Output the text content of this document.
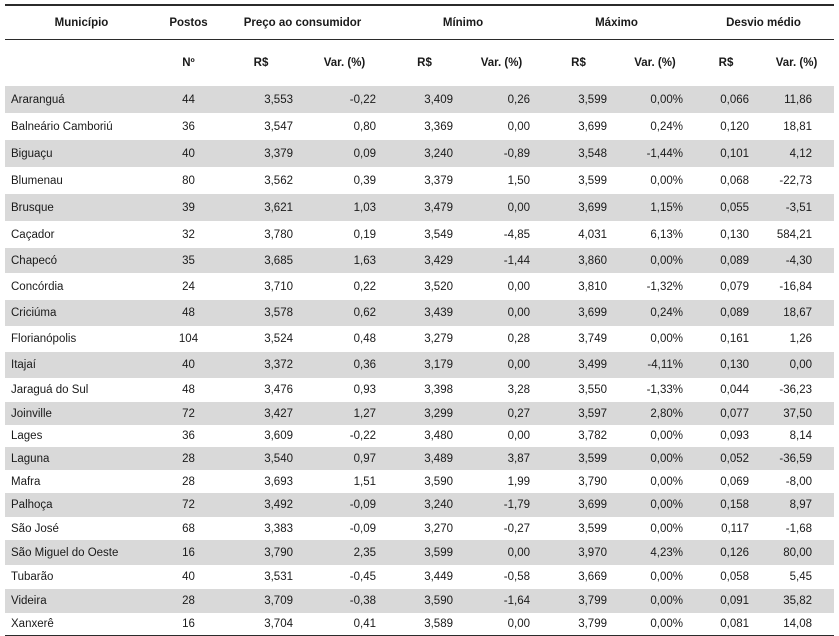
Município	Postos	Preço ao consumidor		Mínimo		Máximo		Desvio médio	
	Nº	R$	Var. (%)	R$	Var. (%)	R$	Var. (%)	R$	Var. (%)
Araranguá	44	3,553	-0,22	3,409	0,26	3,599	0,00%	0,066	11,86
Balneário Camboriú	36	3,547	0,80	3,369	0,00	3,699	0,24%	0,120	18,81
Biguaçu	40	3,379	0,09	3,240	-0,89	3,548	-1,44%	0,101	4,12
Blumenau	80	3,562	0,39	3,379	1,50	3,599	0,00%	0,068	-22,73
Brusque	39	3,621	1,03	3,479	0,00	3,699	1,15%	0,055	-3,51
Caçador	32	3,780	0,19	3,549	-4,85	4,031	6,13%	0,130	584,21
Chapecó	35	3,685	1,63	3,429	-1,44	3,860	0,00%	0,089	-4,30
Concórdia	24	3,710	0,22	3,520	0,00	3,810	-1,32%	0,079	-16,84
Criciúma	48	3,578	0,62	3,439	0,00	3,699	0,24%	0,089	18,67
Florianópolis	104	3,524	0,48	3,279	0,28	3,749	0,00%	0,161	1,26
Itajaí	40	3,372	0,36	3,179	0,00	3,499	-4,11%	0,130	0,00
Jaraguá do Sul	48	3,476	0,93	3,398	3,28	3,550	-1,33%	0,044	-36,23
Joinville	72	3,427	1,27	3,299	0,27	3,597	2,80%	0,077	37,50
Lages	36	3,609	-0,22	3,480	0,00	3,782	0,00%	0,093	8,14
Laguna	28	3,540	0,97	3,489	3,87	3,599	0,00%	0,052	-36,59
Mafra	28	3,693	1,51	3,590	1,99	3,790	0,00%	0,069	-8,00
Palhoça	72	3,492	-0,09	3,240	-1,79	3,699	0,00%	0,158	8,97
São José	68	3,383	-0,09	3,270	-0,27	3,599	0,00%	0,117	-1,68
São Miguel do Oeste	16	3,790	2,35	3,599	0,00	3,970	4,23%	0,126	80,00
Tubarão	40	3,531	-0,45	3,449	-0,58	3,669	0,00%	0,058	5,45
Videira	28	3,709	-0,38	3,590	-1,64	3,799	0,00%	0,091	35,82
Xanxerê	16	3,704	0,41	3,589	0,00	3,799	0,00%	0,081	14,08
